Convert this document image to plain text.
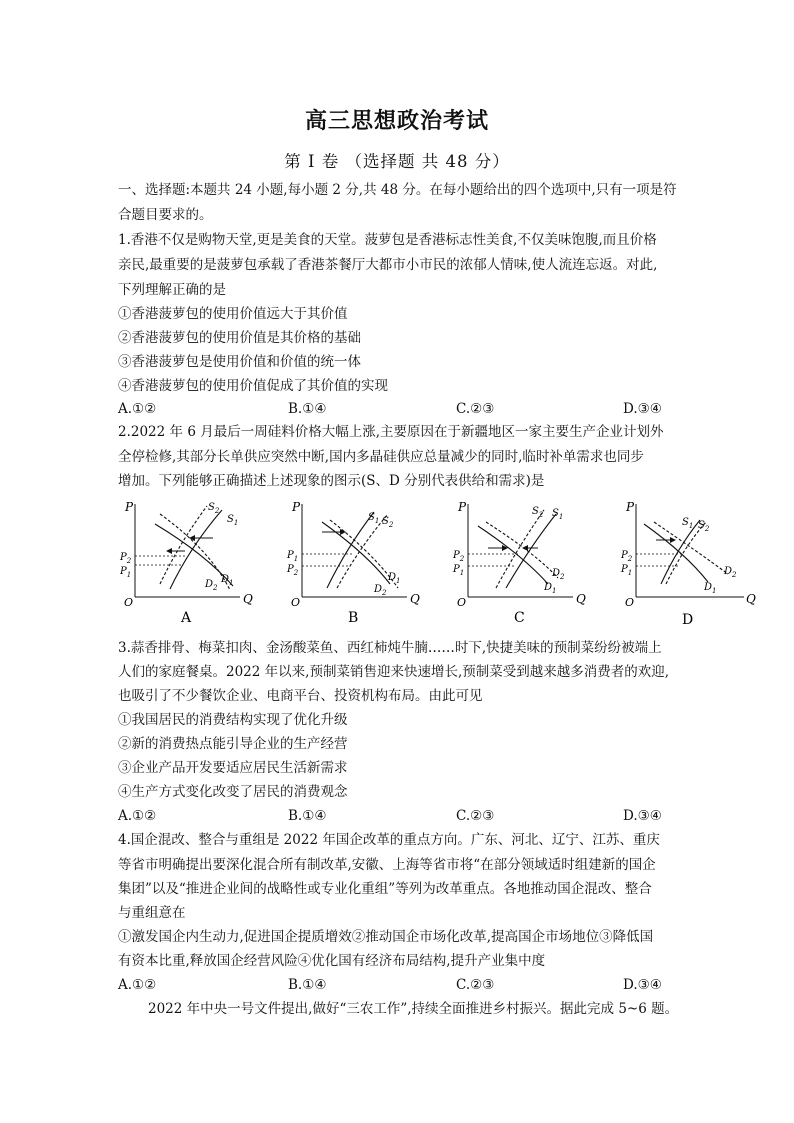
高三思想政治考试
第 I 卷 （选择题 共 48 分）
一、选择题:本题共 24 小题,每小题 2 分,共 48 分。在每小题给出的四个选项中,只有一项是符
合题目要求的。
1.香港不仅是购物天堂,更是美食的天堂。菠萝包是香港标志性美食,不仅美味饱腹,而且价格
亲民,最重要的是菠萝包承载了香港茶餐厅大都市小市民的浓郁人情味,使人流连忘返。对此,
下列理解正确的是
①香港菠萝包的使用价值远大于其价值
②香港菠萝包的使用价值是其价格的基础
③香港菠萝包是使用价值和价值的统一体
④香港菠萝包的使用价值促成了其价值的实现
A.①②	B.①④	C.②③	D.③④
2.2022 年 6 月最后一周硅料价格大幅上涨,主要原因在于新疆地区一家主要生产企业计划外
全停检修,其部分长单供应突然中断,国内多晶硅供应总量减少的同时,临时补单需求也同步
增加。下列能够正确描述上述现象的图示(S、D 分别代表供给和需求)是
P
Q
O
$P_2$
$P_1$
$S_2$
$S_1$
$D_2$
$D_1$
A
P
Q
O
$P_1$
$P_2$
$S_1$ $S_2$
$D_1$
$D_2$
B
P
Q
O
$P_2$
$P_1$
$S_2$ $S_1$
$D_2$
$D_1$
C
P
Q
O
$P_2$
$P_1$
$S_1$ $S_2$
$D_2$
$D_1$
D
3.蒜香排骨、梅菜扣肉、金汤酸菜鱼、西红柿炖牛腩……时下,快捷美味的预制菜纷纷被端上
人们的家庭餐桌。2022 年以来,预制菜销售迎来快速增长,预制菜受到越来越多消费者的欢迎,
也吸引了不少餐饮企业、电商平台、投资机构布局。由此可见
①我国居民的消费结构实现了优化升级
②新的消费热点能引导企业的生产经营
③企业产品开发要适应居民生活新需求
④生产方式变化改变了居民的消费观念
A.①②	B.①④	C.②③	D.③④
4.国企混改、整合与重组是 2022 年国企改革的重点方向。广东、河北、辽宁、江苏、重庆
等省市明确提出要深化混合所有制改革,安徽、上海等省市将“在部分领域适时组建新的国企
集团”以及“推进企业间的战略性或专业化重组”等列为改革重点。各地推动国企混改、整合
与重组意在
①激发国企内生动力,促进国企提质增效②推动国企市场化改革,提高国企市场地位③降低国
有资本比重,释放国企经营风险④优化国有经济布局结构,提升产业集中度
A.①②	B.①④	C.②③	D.③④
2022 年中央一号文件提出,做好“三农工作”,持续全面推进乡村振兴。据此完成 5~6 题。
